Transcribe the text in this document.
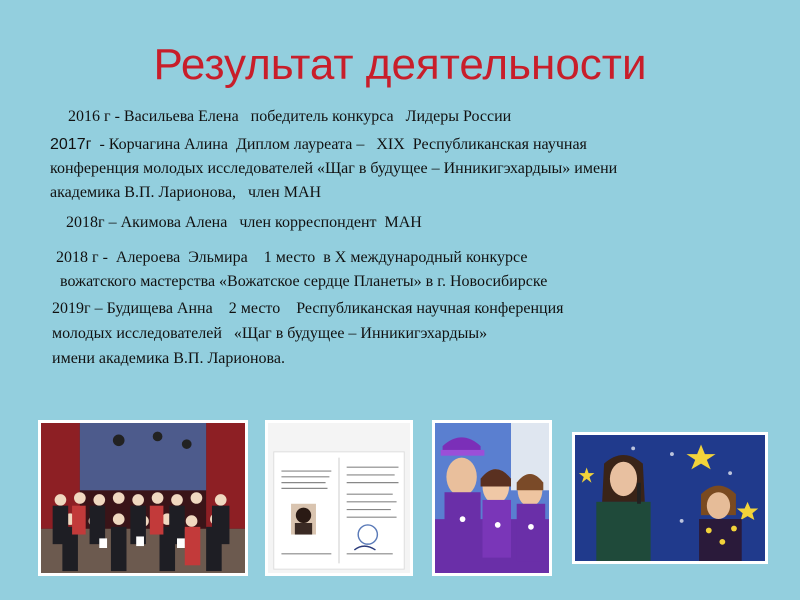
Результат деятельности
2016 г - Васильева Елена   победитель конкурса   Лидеры России
2017г  - Корчагина Алина  Диплом лауреата –   XIX  Республиканская научная
конференция молодых исследователей «Щаг в будущее – Инникигэхардыы» имени
академика В.П. Ларионова,   член МАН
2018г – Акимова Алена   член корреспондент  МАН
2018 г -  Алероева  Эльмира    1 место  в X международный конкурсе
вожатского мастерства «Вожатское сердце Планеты» в г. Новосибирске
2019г – Будищева Анна    2 место    Республиканская научная конференция
молодых исследователей   «Щаг в будущее – Инникигэхардыы»
имени академика В.П. Ларионова.
